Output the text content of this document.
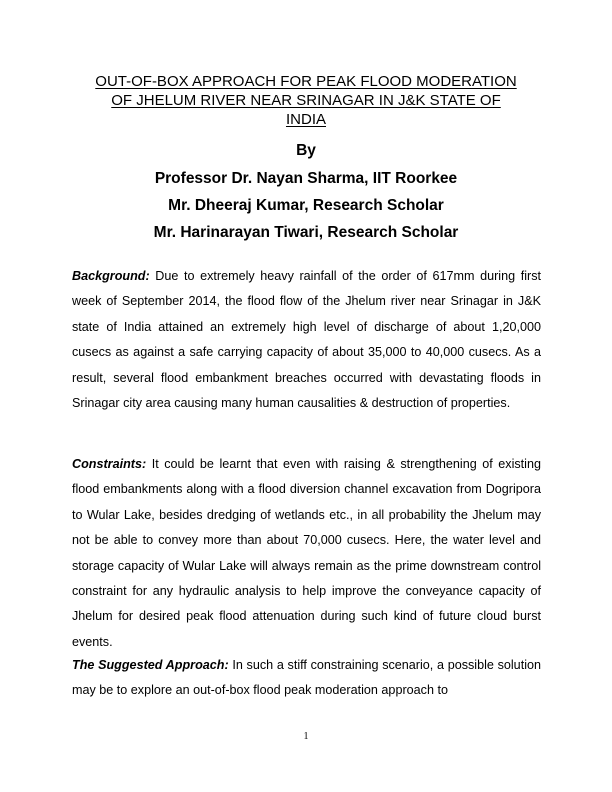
OUT-OF-BOX APPROACH FOR PEAK FLOOD MODERATION
OF JHELUM RIVER NEAR SRINAGAR IN J&K STATE OF
INDIA
By
Professor Dr. Nayan Sharma, IIT Roorkee
Mr. Dheeraj Kumar, Research Scholar
Mr. Harinarayan Tiwari, Research Scholar

Background: Due to extremely heavy rainfall of the order of 617mm during first week of September 2014, the flood flow of the Jhelum river near Srinagar in J&K state of India attained an extremely high level of discharge of about 1,20,000 cusecs as against a safe carrying capacity of about 35,000 to 40,000 cusecs. As a result, several flood embankment breaches occurred with devastating floods in Srinagar city area causing many human causalities & destruction of properties.

Constraints: It could be learnt that even with raising & strengthening of existing flood embankments along with a flood diversion channel excavation from Dogripora to Wular Lake, besides dredging of wetlands etc., in all probability the Jhelum may not be able to convey more than about 70,000 cusecs. Here, the water level and storage capacity of Wular Lake will always remain as the prime downstream control constraint for any hydraulic analysis to help improve the conveyance capacity of Jhelum for desired peak flood attenuation during such kind of future cloud burst events.

The Suggested Approach: In such a stiff constraining scenario, a possible solution may be to explore an out-of-box flood peak moderation approach to

1
